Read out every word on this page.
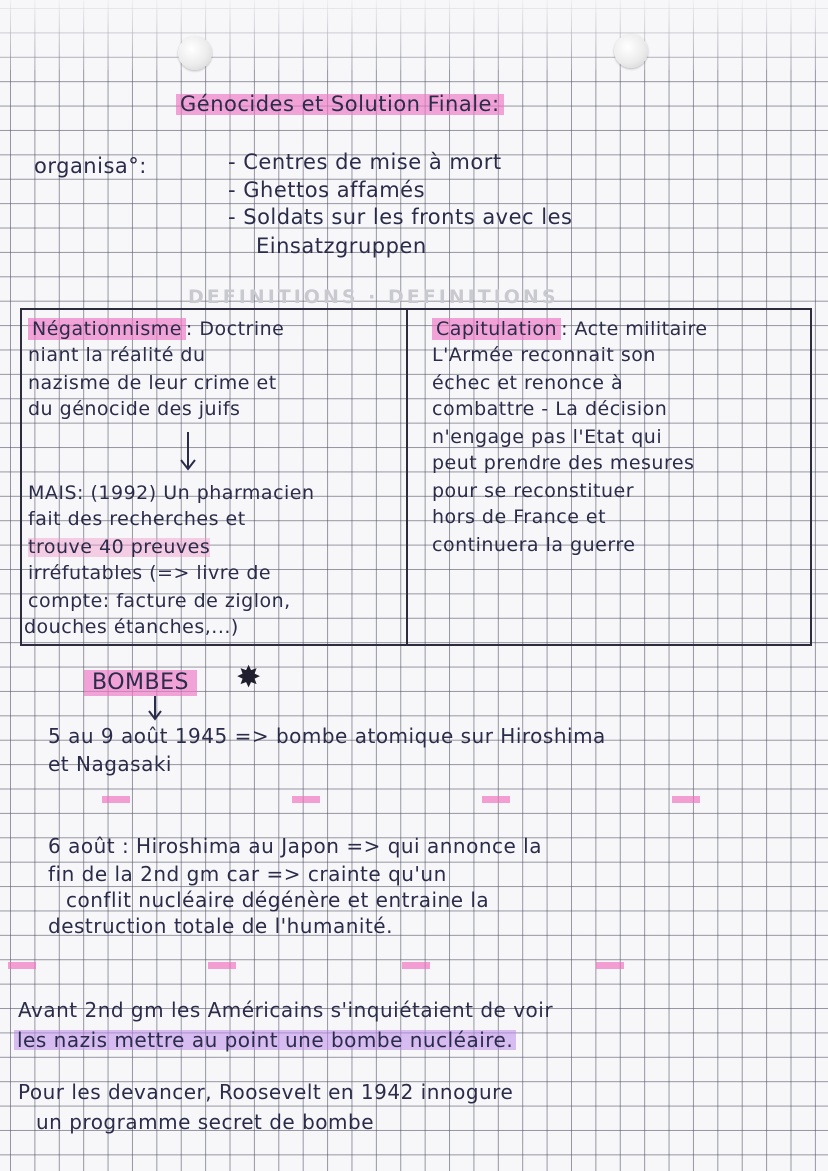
Génocides et Solution Finale:
organisa°:	- Centres de mise à mort
- Ghettos affamés
- Soldats sur les fronts avec les
Einsatzgruppen
DEFINITIONS · DEFINITIONS
Négationnisme : Doctrine
niant la réalité du
nazisme de leur crime et
du génocide des juifs
MAIS: (1992) Un pharmacien
fait des recherches et
trouve 40 preuves
irréfutables (=> livre de
compte: facture de ziglon,
douches étanches,...)
Capitulation : Acte militaire
L'Armée reconnait son
échec et renonce à
combattre - La décision
n'engage pas l'Etat qui
peut prendre des mesures
pour se reconstituer
hors de France et
continuera la guerre
BOMBES ✸
5 au 9 août 1945 => bombe atomique sur Hiroshima
et Nagasaki
6 août : Hiroshima au Japon => qui annonce la
fin de la 2nd gm car => crainte qu'un
conflit nucléaire dégénère et entraine la
destruction totale de l'humanité.
Avant 2nd gm les Américains s'inquiétaient de voir
les nazis mettre au point une bombe nucléaire.
Pour les devancer, Roosevelt en 1942 innogure
un programme secret de bombe
